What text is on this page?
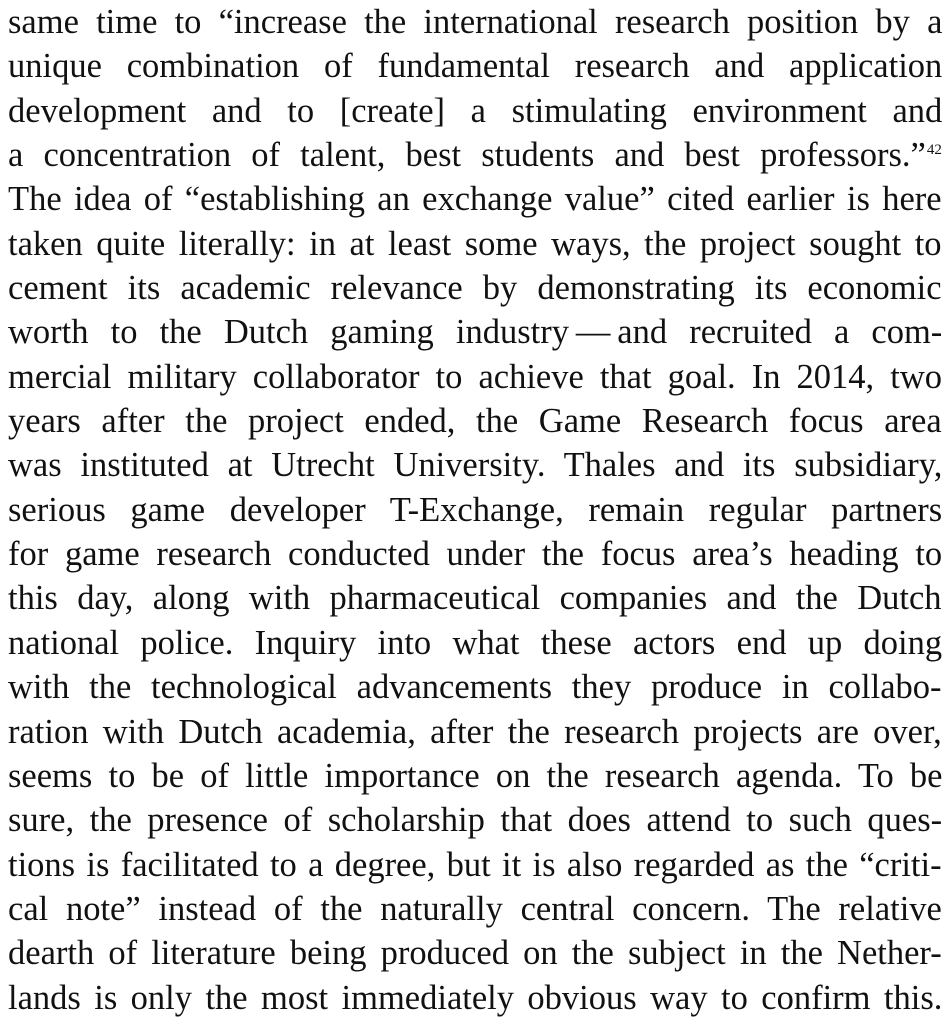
same time to “increase the international research position by a
unique combination of fundamental research and application
development and to [create] a stimulating environment and
a concentration of talent, best students and best professors.”$^{42}$
The idea of “establishing an exchange value” cited earlier is here
taken quite literally: in at least some ways, the project sought to
cement its academic relevance by demonstrating its economic
worth to the Dutch gaming industry — and recruited a com-
mercial military collaborator to achieve that goal. In 2014, two
years after the project ended, the Game Research focus area
was instituted at Utrecht University. Thales and its subsidiary,
serious game developer T-Exchange, remain regular partners
for game research conducted under the focus area’s heading to
this day, along with pharmaceutical companies and the Dutch
national police. Inquiry into what these actors end up doing
with the technological advancements they produce in collabo-
ration with Dutch academia, after the research projects are over,
seems to be of little importance on the research agenda. To be
sure, the presence of scholarship that does attend to such ques-
tions is facilitated to a degree, but it is also regarded as the “criti-
cal note” instead of the naturally central concern. The relative
dearth of literature being produced on the subject in the Nether-
lands is only the most immediately obvious way to confirm this.
